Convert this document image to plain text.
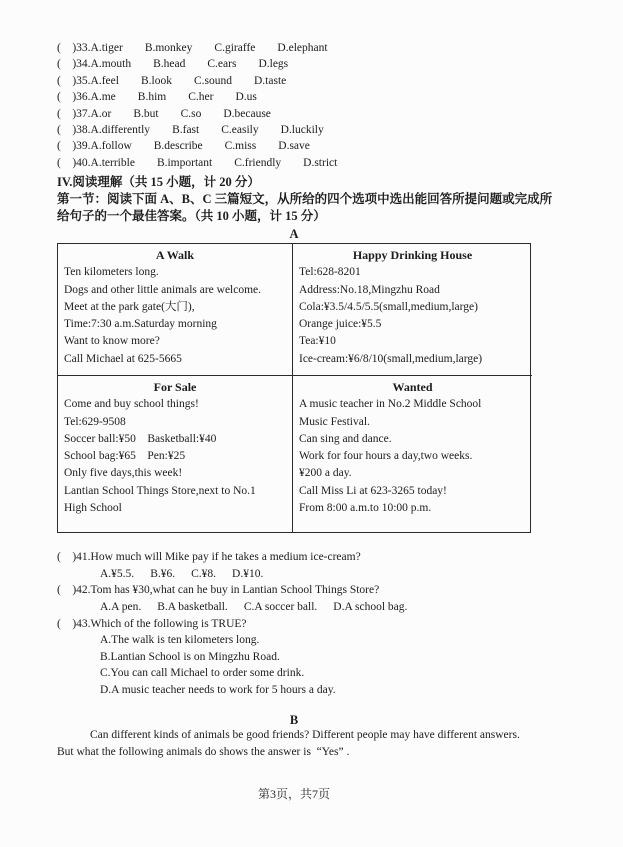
(    )33.A.tiger B.monkey C.giraffe D.elephant
(    )34.A.mouth B.head C.ears D.legs
(    )35.A.feel B.look C.sound D.taste
(    )36.A.me B.him C.her D.us
(    )37.A.or B.but C.so D.because
(    )38.A.differently B.fast C.easily D.luckily
(    )39.A.follow B.describe C.miss D.save
(    )40.A.terrible B.important C.friendly D.strict
IV.阅读理解（共 15 小题，计 20 分）
第一节：阅读下面 A、B、C 三篇短文，从所给的四个选项中选出能回答所提问题或完成所
给句子的一个最佳答案。（共 10 小题，计 15 分）
A
A Walk
Ten kilometers long.
Dogs and other little animals are welcome.
Meet at the park gate(大门),
Time:7:30 a.m.Saturday morning
Want to know more?
Call Michael at 625-5665
Happy Drinking House
Tel:628-8201
Address:No.18,Mingzhu Road
Cola:¥3.5/4.5/5.5(small,medium,large)
Orange juice:¥5.5
Tea:¥10
Ice-cream:¥6/8/10(small,medium,large)
For Sale
Come and buy school things!
Tel:629-9508
Soccer ball:¥50    Basketball:¥40
School bag:¥65    Pen:¥25
Only five days,this week!
Lantian School Things Store,next to No.1
High School
Wanted
A music teacher in No.2 Middle School
Music Festival.
Can sing and dance.
Work for four hours a day,two weeks.
¥200 a day.
Call Miss Li at 623-3265 today!
From 8:00 a.m.to 10:00 p.m.
(    )41.How much will Mike pay if he takes a medium ice-cream?
A.¥5.5. B.¥6. C.¥8. D.¥10.
(    )42.Tom has ¥30,what can he buy in Lantian School Things Store?
A.A pen. B.A basketball. C.A soccer ball. D.A school bag.
(    )43.Which of the following is TRUE?
A.The walk is ten kilometers long.
B.Lantian School is on Mingzhu Road.
C.You can call Michael to order some drink.
D.A music teacher needs to work for 5 hours a day.
B
Can different kinds of animals be good friends? Different people may have different answers.
But what the following animals do shows the answer is  “Yes” .
第3页，共7页
